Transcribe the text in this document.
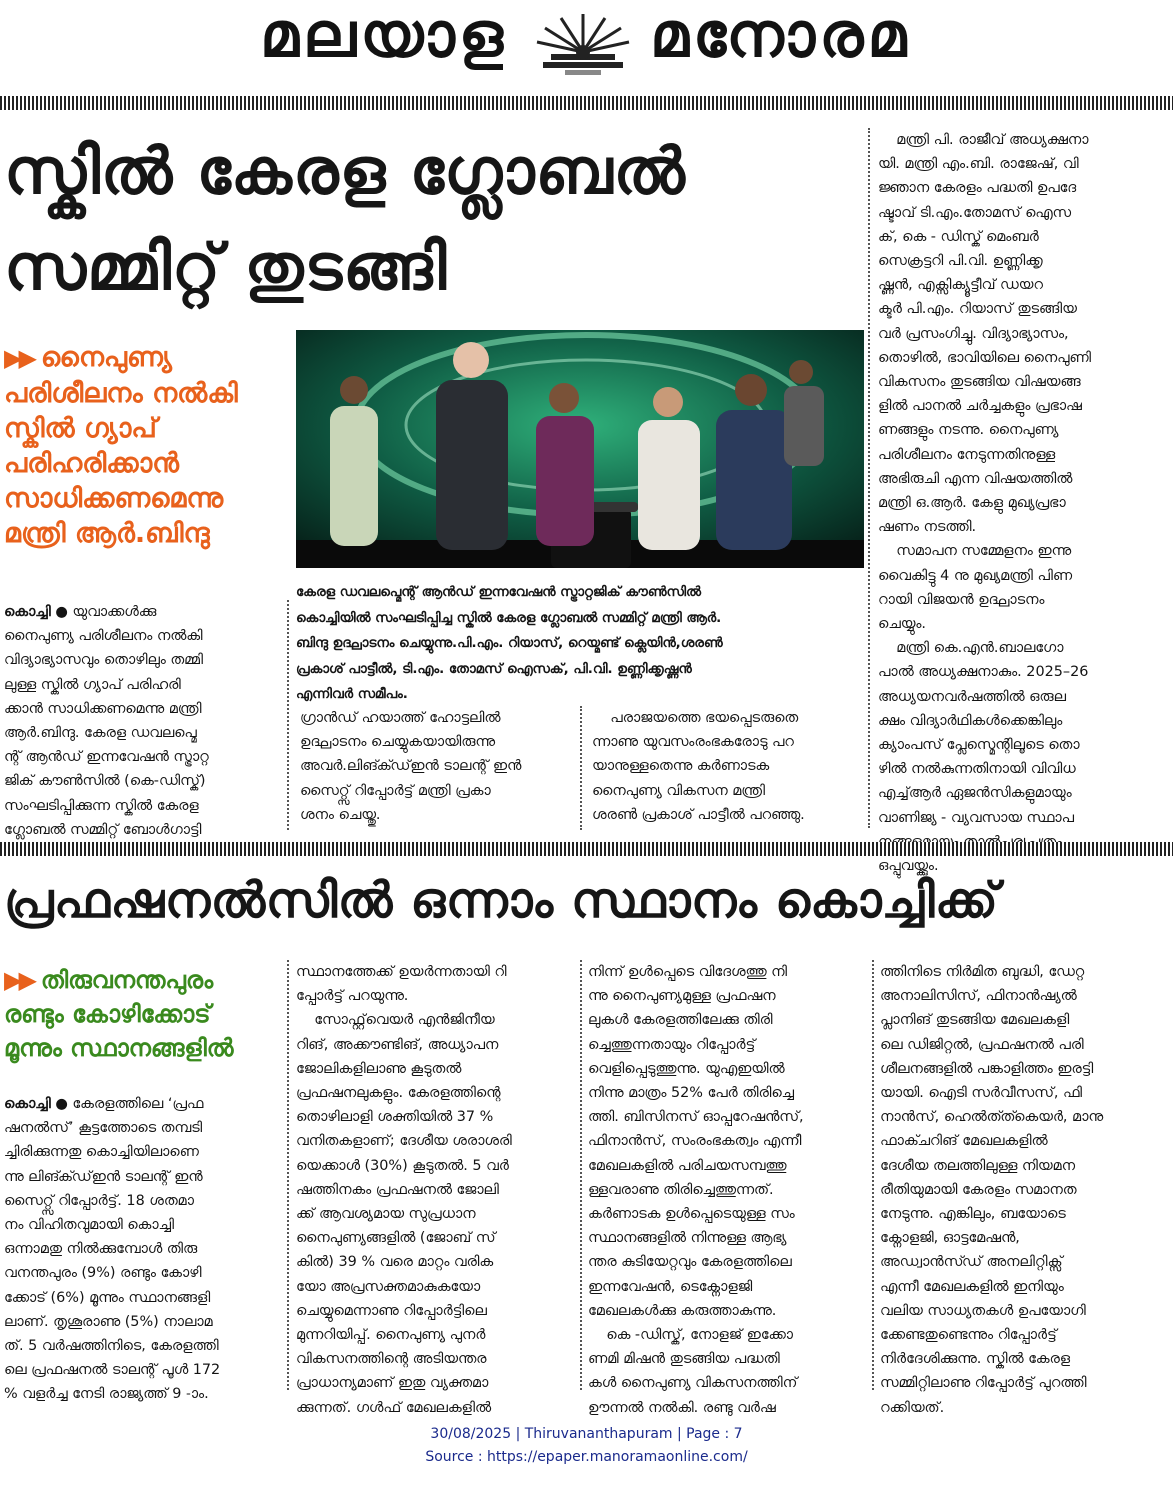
മലയാള മനോരമ
സ്കിൽ കേരള ഗ്ലോബൽ
സമ്മിറ്റ് തുടങ്ങി
▶▶ നൈപുണ്യ
പരിശീലനം നൽകി
സ്കിൽ ഗ്യാപ്
പരിഹരിക്കാൻ
സാധിക്കണമെന്നു
മന്ത്രി ആർ.ബിന്ദു
കേരള ഡവലപ്മെന്റ് ആൻഡ് ഇന്നവേഷൻ സ്ട്രാറ്റജിക് കൗൺസിൽ
കൊച്ചിയിൽ സംഘടിപ്പിച്ച സ്കിൽ കേരള ഗ്ലോബൽ സമ്മിറ്റ് മന്ത്രി ആർ.
ബിന്ദു ഉദ്ഘാടനം ചെയ്യുന്നു.പി.എം. റിയാസ്, റെയ്മണ്ട് ക്ലെയിൻ,ശരൺ
പ്രകാശ് പാട്ടീൽ, ടി.എം. തോമസ് ഐസക്, പി.വി. ഉണ്ണിക്കൃഷ്ണൻ
എന്നിവർ സമീപം.
കൊച്ചി ● യുവാക്കൾക്കു
നൈപുണ്യ പരിശീലനം നൽകി
വിദ്യാഭ്യാസവും തൊഴിലും തമ്മി
ലുള്ള സ്കിൽ ഗ്യാപ് പരിഹരി
ക്കാൻ സാധിക്കണമെന്നു മന്ത്രി
ആർ.ബിന്ദു. കേരള ഡവലപ്മെ
ന്റ് ആൻഡ് ഇന്നവേഷൻ സ്ട്രാറ്റ
ജിക് കൗൺസിൽ (കെ-ഡിസ്ക്)
സംഘടിപ്പിക്കുന്ന സ്കിൽ കേരള
ഗ്ലോബൽ സമ്മിറ്റ് ബോൾഗാട്ടി
ഗ്രാൻഡ് ഹയാത്ത് ഹോട്ടലിൽ
ഉദ്ഘാടനം ചെയ്യുകയായിരുന്നു
അവർ.ലിങ്ക്ഡ്ഇൻ ടാലന്റ് ഇൻ
സൈറ്റ്സ് റിപ്പോർട്ട് മന്ത്രി പ്രകാ
ശനം ചെയ്തു.
പരാജയത്തെ ഭയപ്പെടരുതെ
ന്നാണു യുവസംരംഭകരോടു പറ
യാനുള്ളതെന്നു കർണാടക
നൈപുണ്യ വികസന മന്ത്രി
ശരൺ പ്രകാശ് പാട്ടീൽ പറഞ്ഞു.
മന്ത്രി പി. രാജീവ് അധ്യക്ഷനാ
യി. മന്ത്രി എം.ബി. രാജേഷ്, വി
ജ്ഞാന കേരളം പദ്ധതി ഉപദേ
ഷ്ടാവ് ടി.എം.തോമസ് ഐസ
ക്, കെ - ഡിസ്ക് മെംബർ
സെക്രട്ടറി പി.വി. ഉണ്ണിക്കൃ
ഷ്ണൻ, എക്സിക്യൂട്ടീവ് ഡയറ
ക്ടർ പി.എം. റിയാസ് തുടങ്ങിയ
വർ പ്രസംഗിച്ചു. വിദ്യാഭ്യാസം,
തൊഴിൽ, ഭാവിയിലെ നൈപുണി
വികസനം തുടങ്ങിയ വിഷയങ്ങ
ളിൽ പാനൽ ചർച്ചകളും പ്രഭാഷ
ണങ്ങളും നടന്നു. നൈപുണ്യ
പരിശീലനം നേടുന്നതിനുള്ള
അഭിരുചി എന്ന വിഷയത്തിൽ
മന്ത്രി ഒ.ആർ. കേളു മുഖ്യപ്രഭാ
ഷണം നടത്തി.
സമാപന സമ്മേളനം ഇന്നു
വൈകിട്ടു 4 നു മുഖ്യമന്ത്രി പിണ
റായി വിജയൻ ഉദ്ഘാടനം
ചെയ്യും.
മന്ത്രി കെ.എൻ.ബാലഗോ
പാൽ അധ്യക്ഷനാകും. 2025–26
അധ്യയനവർഷത്തിൽ ഒരുല
ക്ഷം വിദ്യാർഥികൾക്കെങ്കിലും
ക്യാംപസ് പ്ലേസ്മെന്റിലൂടെ തൊ
ഴിൽ നൽകുന്നതിനായി വിവിധ
എച്ച്ആർ ഏജൻസികളുമായും
വാണിജ്യ - വ്യവസായ സ്ഥാപ

ഒപ്പുവയ്ക്കും.
പ്രഫഷനൽസിൽ ഒന്നാം സ്ഥാനം കൊച്ചിക്ക്
▶▶ തിരുവനന്തപുരം
രണ്ടും കോഴിക്കോട്
മൂന്നും സ്ഥാനങ്ങളിൽ
കൊച്ചി ● കേരളത്തിലെ ‘പ്രഫ
ഷനൽസ്’ കൂട്ടത്തോടെ തമ്പടി
ച്ചിരിക്കുന്നതു കൊച്ചിയിലാണെ
ന്നു ലിങ്ക്ഡ്ഇൻ ടാലന്റ് ഇൻ
സൈറ്റ്സ് റിപ്പോർട്ട്. 18 ശതമാ
നം വിഹിതവുമായി കൊച്ചി
ഒന്നാമതു നിൽക്കുമ്പോൾ തിരു
വനന്തപുരം (9%) രണ്ടും കോഴി
ക്കോട് (6%) മൂന്നും സ്ഥാനങ്ങളി
ലാണ്. തൃശൂരാണു (5%) നാലാമ
ത്. 5 വർഷത്തിനിടെ, കേരളത്തി
ലെ പ്രഫഷനൽ ടാലന്റ് പൂൾ 172
% വളർച്ച നേടി രാജ്യത്ത് 9 -ാം.
സ്ഥാനത്തേക്ക് ഉയർന്നതായി റി
പ്പോർട്ട് പറയുന്നു.
സോഫ്റ്റ്‌വെയർ എൻജിനീയ
റിങ്, അക്കൗണ്ടിങ്, അധ്യാപന
ജോലികളിലാണു കൂടുതൽ
പ്രഫഷനലുകളും. കേരളത്തിന്റെ
തൊഴിലാളി ശക്തിയിൽ 37 %
വനിതകളാണ്; ദേശീയ ശരാശരി
യെക്കാൾ (30%) കൂടുതൽ. 5 വർ
ഷത്തിനകം പ്രഫഷനൽ ജോലി
ക്ക് ആവശ്യമായ സുപ്രധാന
നൈപുണ്യങ്ങളിൽ (ജോബ് സ്
കിൽ) 39 % വരെ മാറ്റം വരിക
യോ അപ്രസക്തമാകുകയോ
ചെയ്യുമെന്നാണു റിപ്പോർട്ടിലെ
മുന്നറിയിപ്പ്. നൈപുണ്യ പുനർ
വികസനത്തിന്റെ അടിയന്തര
പ്രാധാന്യമാണ് ഇതു വ്യക്തമാ
ക്കുന്നത്. ഗൾഫ് മേഖലകളിൽ
നിന്ന് ഉൾപ്പെടെ വിദേശത്തു നി
ന്നു നൈപുണ്യമുള്ള പ്രഫഷന
ലുകൾ കേരളത്തിലേക്കു തിരി
ച്ചെത്തുന്നതായും റിപ്പോർട്ട്
വെളിപ്പെടുത്തുന്നു. യുഎഇയിൽ
നിന്നു മാത്രം 52% പേർ തിരിച്ചെ
ത്തി. ബിസിനസ് ഓപ്പറേഷൻസ്,
ഫിനാൻസ്, സംരംഭകത്വം എന്നീ
മേഖലകളിൽ പരിചയസമ്പത്തു
ള്ളവരാണു തിരിച്ചെത്തുന്നത്.
കർണാടക ഉൾപ്പെടെയുള്ള സം
സ്ഥാനങ്ങളിൽ നിന്നുള്ള ആഭ്യ
ന്തര കുടിയേറ്റവും കേരളത്തിലെ
ഇന്നവേഷൻ, ടെക്നോളജി
മേഖലകൾക്കു കരുത്താകുന്നു.
കെ -ഡിസ്ക്, നോളജ് ഇക്കോ
ണമി മിഷൻ തുടങ്ങിയ പദ്ധതി
കൾ നൈപുണ്യ വികസനത്തിന്
ഊന്നൽ നൽകി. രണ്ടു വർഷ
ത്തിനിടെ നിർമിത ബുദ്ധി, ഡേറ്റ
അനാലിസിസ്, ഫിനാൻഷ്യൽ
പ്ലാനിങ് തുടങ്ങിയ മേഖലകളി
ലെ ഡിജിറ്റൽ, പ്രഫഷനൽ പരി
ശീലനങ്ങളിൽ പങ്കാളിത്തം ഇരട്ടി
യായി. ഐടി സർവീസസ്, ഫി
നാൻസ്, ഹെൽത്ത്കെയർ, മാനു
ഫാക്ചറിങ് മേഖലകളിൽ
ദേശീയ തലത്തിലുള്ള നിയമന
രീതിയുമായി കേരളം സമാനത
നേടുന്നു. എങ്കിലും, ബയോടെ
ക്നോളജി, ഓട്ടമേഷൻ,
അഡ്വാൻസ്ഡ് അനലിറ്റിക്സ്
എന്നീ മേഖലകളിൽ ഇനിയും
വലിയ സാധ്യതകൾ ഉപയോഗി
ക്കേണ്ടതുണ്ടെന്നും റിപ്പോർട്ട്
നിർദേശിക്കുന്നു. സ്കിൽ കേരള
സമ്മിറ്റിലാണു റിപ്പോർട്ട് പുറത്തി
റക്കിയത്.
30/08/2025 | Thiruvananthapuram | Page : 7
Source : https://epaper.manoramaonline.com/
